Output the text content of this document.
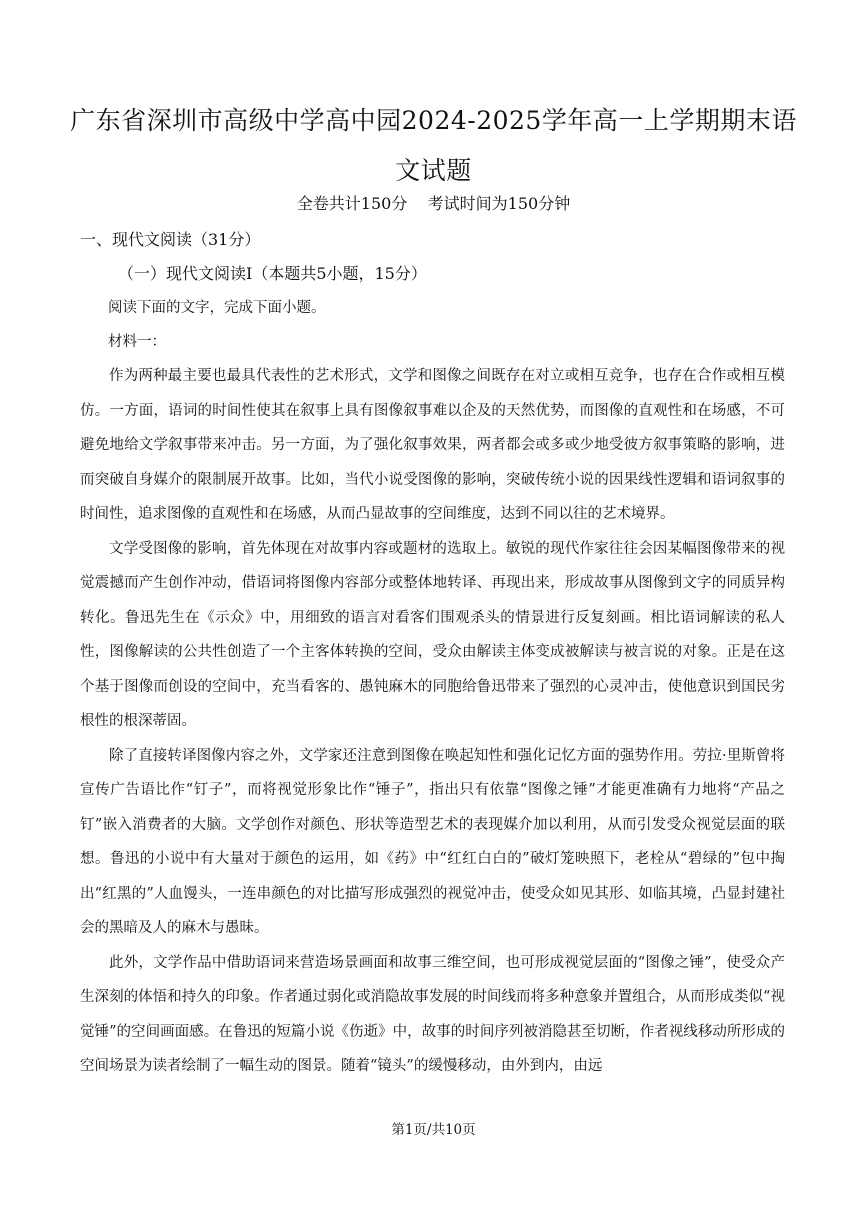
广东省深圳市高级中学高中园2024-2025学年高一上学期期末语文试题
全卷共计150分    考试时间为150分钟
一、现代文阅读（31分）
（一）现代文阅读Ⅰ（本题共5小题，15分）
阅读下面的文字，完成下面小题。
材料一：

作为两种最主要也最具代表性的艺术形式，文学和图像之间既存在对立或相互竞争，也存在合作或相互模仿。一方面，语词的时间性使其在叙事上具有图像叙事难以企及的天然优势，而图像的直观性和在场感，不可避免地给文学叙事带来冲击。另一方面，为了强化叙事效果，两者都会或多或少地受彼方叙事策略的影响，进而突破自身媒介的限制展开故事。比如，当代小说受图像的影响，突破传统小说的因果线性逻辑和语词叙事的时间性，追求图像的直观性和在场感，从而凸显故事的空间维度，达到不同以往的艺术境界。

文学受图像的影响，首先体现在对故事内容或题材的选取上。敏锐的现代作家往往会因某幅图像带来的视觉震撼而产生创作冲动，借语词将图像内容部分或整体地转译、再现出来，形成故事从图像到文字的同质异构转化。鲁迅先生在《示众》中，用细致的语言对看客们围观杀头的情景进行反复刻画。相比语词解读的私人性，图像解读的公共性创造了一个主客体转换的空间，受众由解读主体变成被解读与被言说的对象。正是在这个基于图像而创设的空间中，充当看客的、愚钝麻木的同胞给鲁迅带来了强烈的心灵冲击，使他意识到国民劣根性的根深蒂固。

除了直接转译图像内容之外，文学家还注意到图像在唤起知性和强化记忆方面的强势作用。劳拉·里斯曾将宣传广告语比作“钉子”，而将视觉形象比作“锤子”，指出只有依靠“图像之锤”才能更准确有力地将“产品之钉”嵌入消费者的大脑。文学创作对颜色、形状等造型艺术的表现媒介加以利用，从而引发受众视觉层面的联想。鲁迅的小说中有大量对于颜色的运用，如《药》中“红红白白的”破灯笼映照下，老栓从“碧绿的”包中掏出“红黑的”人血馒头，一连串颜色的对比描写形成强烈的视觉冲击，使受众如见其形、如临其境，凸显封建社会的黑暗及人的麻木与愚昧。

此外，文学作品中借助语词来营造场景画面和故事三维空间，也可形成视觉层面的“图像之锤”，使受众产生深刻的体悟和持久的印象。作者通过弱化或消隐故事发展的时间线而将多种意象并置组合，从而形成类似“视觉锤”的空间画面感。在鲁迅的短篇小说《伤逝》中，故事的时间序列被消隐甚至切断，作者视线移动所形成的空间场景为读者绘制了一幅生动的图景。随着“镜头”的缓慢移动，由外到内，由远

第1页/共10页
